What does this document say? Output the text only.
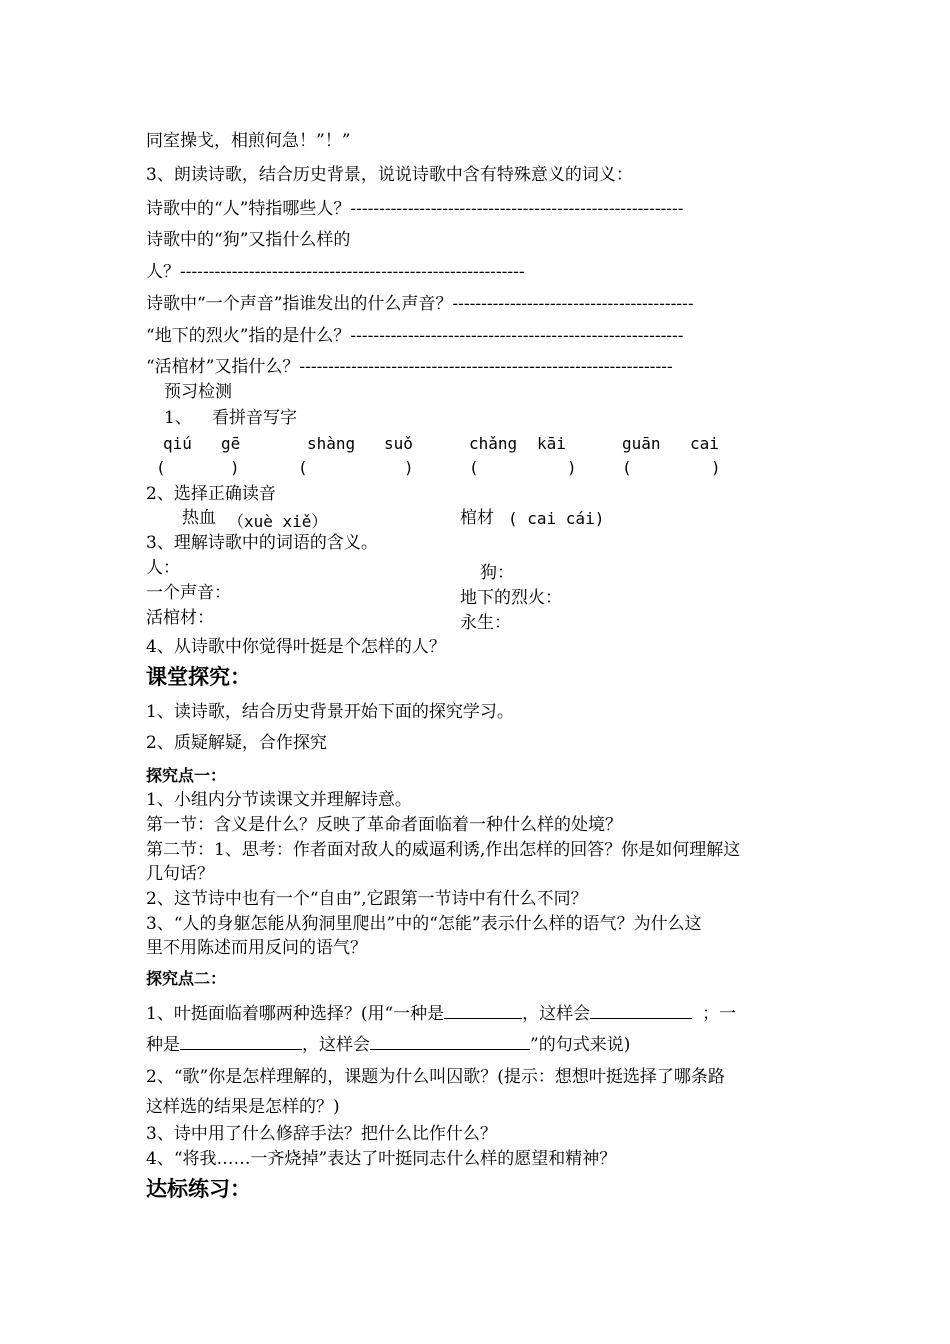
同室操戈，相煎何急！”！”
3、朗读诗歌，结合历史背景，说说诗歌中含有特殊意义的词义：
诗歌中的“人”特指哪些人？----------------------------------------------------------
诗歌中的“狗”又指什么样的
人？------------------------------------------------------------
诗歌中“一个声音”指谁发出的什么声音？------------------------------------------
“地下的烈火”指的是什么？----------------------------------------------------------
“活棺材”又指什么？-----------------------------------------------------------------
预习检测
1、 看拼音写字
qiú gē	shàng suǒ	chǎng kāi	guān cai
(	)	(	)	(	)	(	)
2、选择正确读音
热血 （xuè xiě）	棺材 ( cai cái)
3、理解诗歌中的词语的含义。
人：	狗：
一个声音：	地下的烈火：
活棺材：	永生：
4、从诗歌中你觉得叶挺是个怎样的人？
课堂探究：
1、读诗歌，结合历史背景开始下面的探究学习。
2、质疑解疑，合作探究
探究点一：
1、小组内分节读课文并理解诗意。
第一节：含义是什么？反映了革命者面临着一种什么样的处境？
第二节：1、思考：作者面对敌人的威逼利诱,作出怎样的回答？你是如何理解这
几句话？
2、这节诗中也有一个“自由”,它跟第一节诗中有什么不同？
3、“人的身躯怎能从狗洞里爬出”中的“怎能”表示什么样的语气？为什么这
里不用陈述而用反问的语气？
探究点二：
1、叶挺面临着哪两种选择？(用“一种是	，这样会	；一
种是	，这样会	”的句式来说)
2、“歌”你是怎样理解的，课题为什么叫囚歌？(提示：想想叶挺选择了哪条路
这样选的结果是怎样的？)
3、诗中用了什么修辞手法？把什么比作什么？
4、“将我……一齐烧掉”表达了叶挺同志什么样的愿望和精神？
达标练习：
